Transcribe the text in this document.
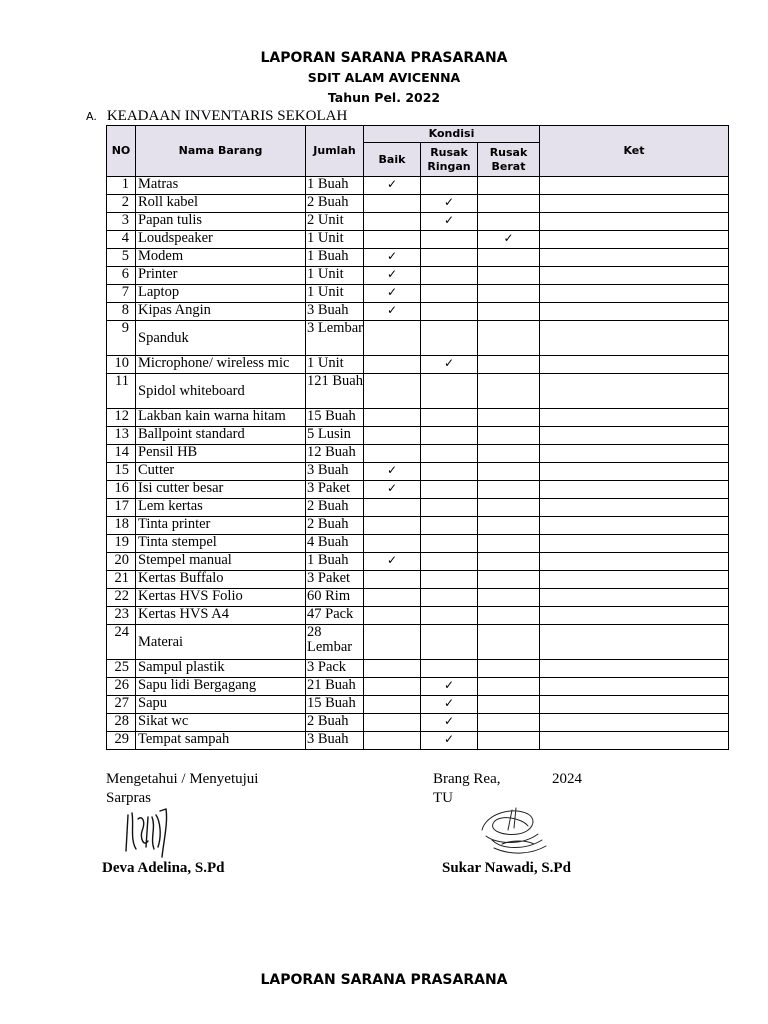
LAPORAN SARANA PRASARANA
SDIT ALAM AVICENNA
Tahun Pel. 2022
A. KEADAAN INVENTARIS SEKOLAH
NO	Nama Barang	Jumlah	Kondisi			Ket
			Baik	Rusak Ringan	Rusak Berat	
1	Matras	1 Buah	✓			
2	Roll kabel	2 Buah		✓		
3	Papan tulis	2 Unit		✓		
4	Loudspeaker	1 Unit			✓	
5	Modem	1 Buah	✓			
6	Printer	1 Unit	✓			
7	Laptop	1 Unit	✓			
8	Kipas Angin	3 Buah	✓			
9	Spanduk	3 Lembar				
10	Microphone/ wireless mic	1 Unit		✓		
11	Spidol whiteboard	121 Buah				
12	Lakban kain warna hitam	15 Buah				
13	Ballpoint standard	5 Lusin				
14	Pensil HB	12 Buah				
15	Cutter	3 Buah	✓			
16	Isi cutter besar	3 Paket	✓			
17	Lem kertas	2 Buah				
18	Tinta printer	2 Buah				
19	Tinta stempel	4 Buah				
20	Stempel manual	1 Buah	✓			
21	Kertas Buffalo	3 Paket				
22	Kertas HVS Folio	60 Rim				
23	Kertas HVS A4	47 Pack				
24	Materai	28 Lembar				
25	Sampul plastik	3 Pack				
26	Sapu lidi Bergagang	21 Buah		✓		
27	Sapu	15 Buah		✓		
28	Sikat wc	2 Buah		✓		
29	Tempat sampah	3 Buah		✓		
Mengetahui / Menyetujui
Sarpras
Deva Adelina, S.Pd
Brang Rea,	2024
TU
Sukar Nawadi, S.Pd
LAPORAN SARANA PRASARANA
